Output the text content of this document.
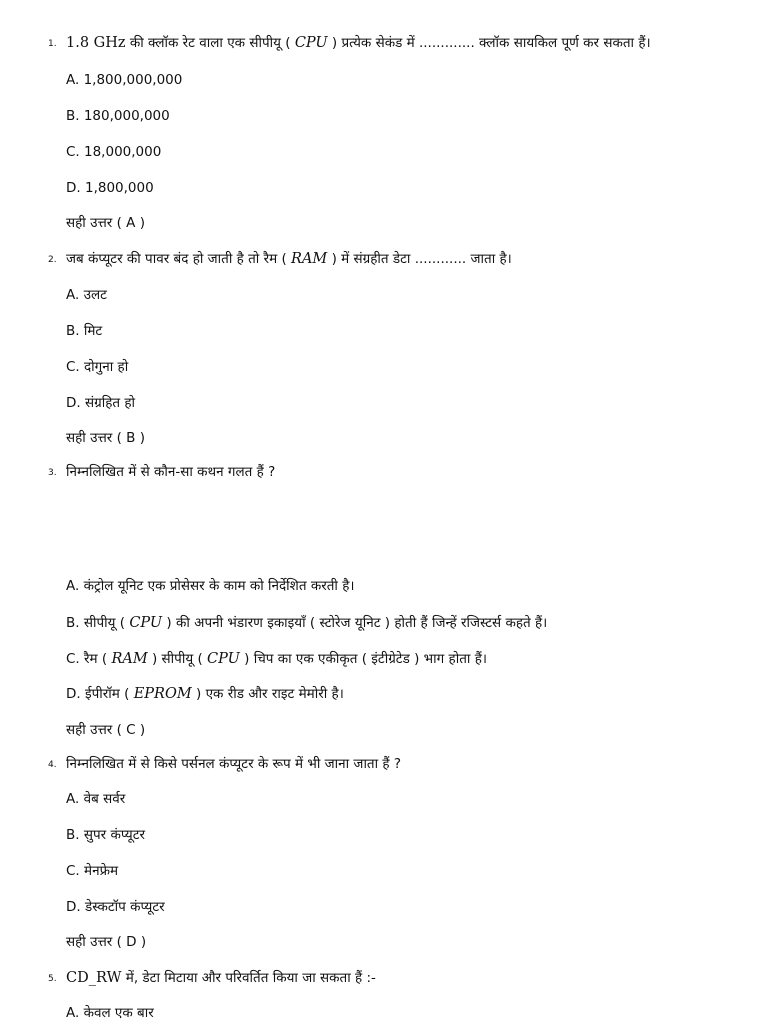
1. 1.8 GHz की क्लॉक रेट वाला एक सीपीयू ( CPU ) प्रत्येक सेकंड में ............. क्लॉक सायकिल पूर्ण कर सकता हैं।
A. 1,800,000,000
B. 180,000,000
C. 18,000,000
D. 1,800,000
सही उत्तर ( A )
2. जब कंप्यूटर की पावर बंद हो जाती है तो रैम ( RAM ) में संग्रहीत डेटा ............ जाता है।
A. उलट
B. मिट
C. दोगुना हो
D. संग्रहित हो
सही उत्तर ( B )
3. निम्नलिखित में से कौन-सा कथन गलत हैं ?
A. कंट्रोल यूनिट एक प्रोसेसर के काम को निर्देशित करती है।
B. सीपीयू ( CPU ) की अपनी भंडारण इकाइयाँ ( स्टोरेज यूनिट ) होती हैं जिन्हें रजिस्टर्स कहते हैं।
C. रैम ( RAM ) सीपीयू ( CPU ) चिप का एक एकीकृत ( इंटीग्रेटेड ) भाग होता हैं।
D. ईपीरॉम ( EPROM ) एक रीड और राइट मेमोरी है।
सही उत्तर ( C )
4. निम्नलिखित में से किसे पर्सनल कंप्यूटर के रूप में भी जाना जाता हैं ?
A. वेब सर्वर
B. सुपर कंप्यूटर
C. मेनफ्रेम
D. डेस्कटॉप कंप्यूटर
सही उत्तर ( D )
5. CD_RW में, डेटा मिटाया और परिवर्तित किया जा सकता हैं :-
A. केवल एक बार
